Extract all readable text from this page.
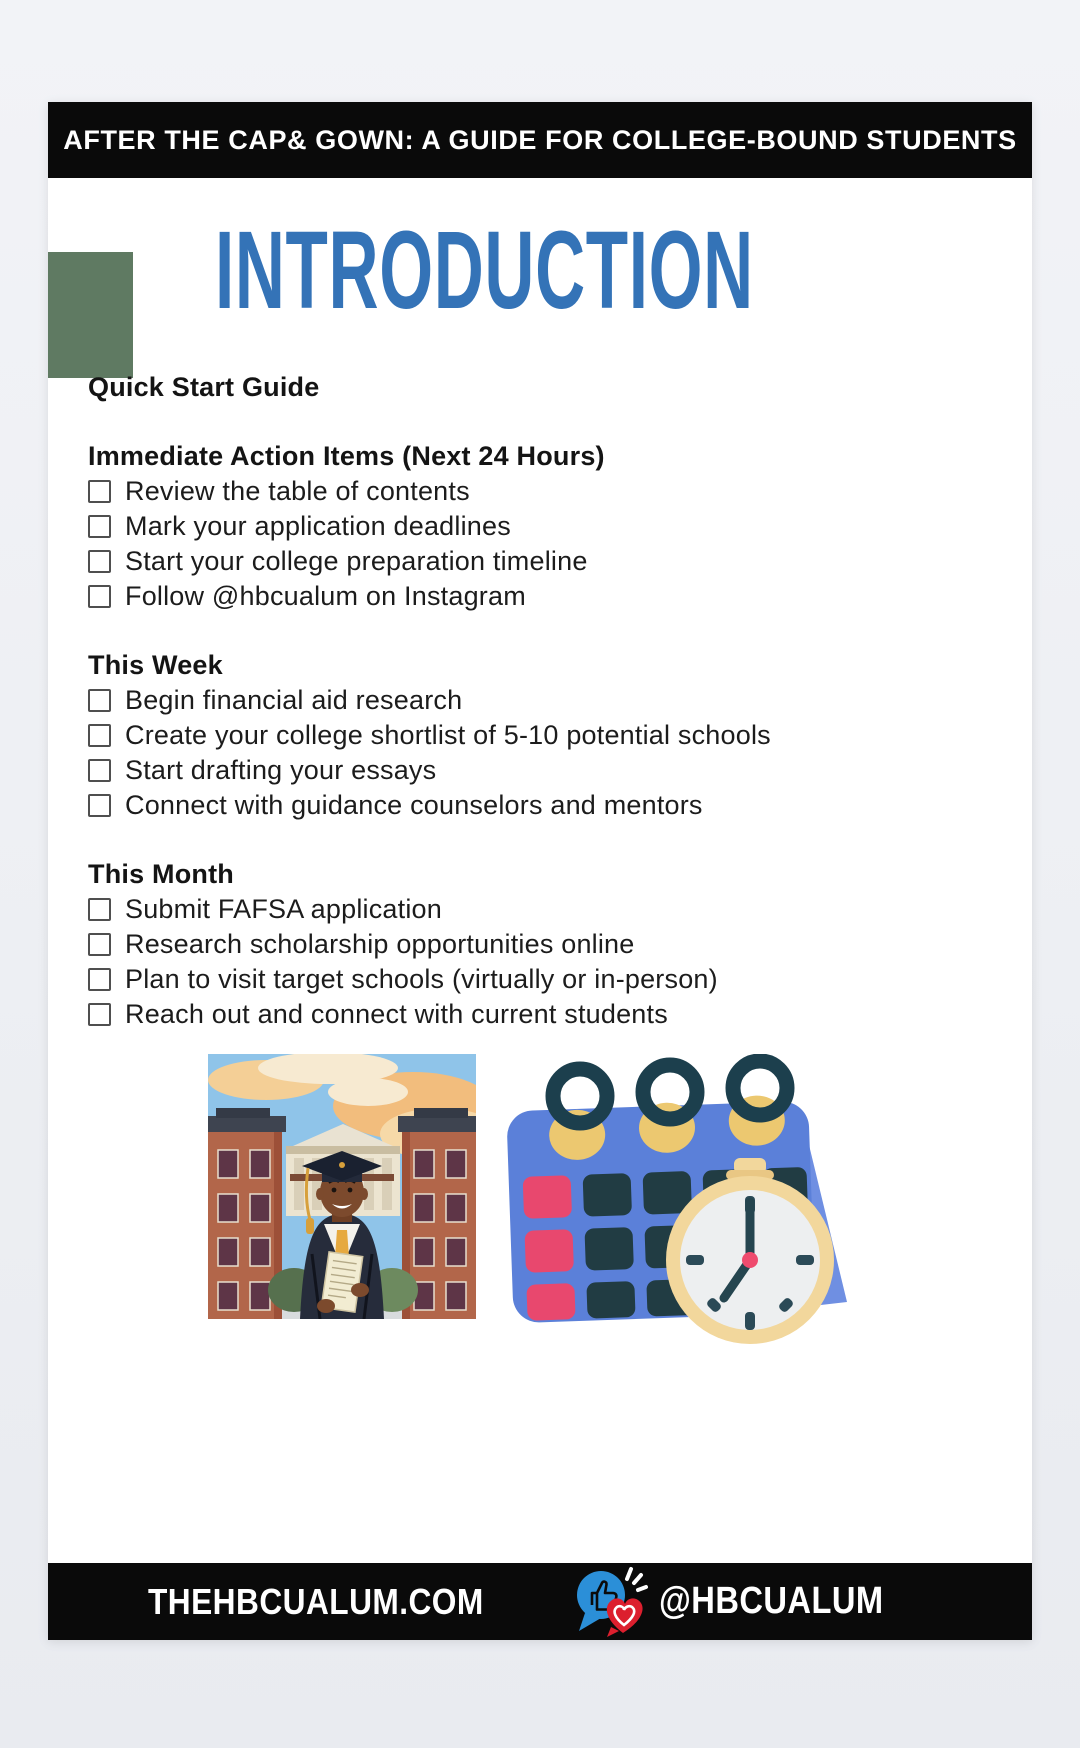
AFTER THE CAP& GOWN: A GUIDE FOR COLLEGE-BOUND STUDENTS
INTRODUCTION
Quick Start Guide
Immediate Action Items (Next 24 Hours)
Review the table of contents
Mark your application deadlines
Start your college preparation timeline
Follow @hbcualum on Instagram
This Week
Begin financial aid research
Create your college shortlist of 5-10 potential schools
Start drafting your essays
Connect with guidance counselors and mentors
This Month
Submit FAFSA application
Research scholarship opportunities online
Plan to visit target schools (virtually or in-person)
Reach out and connect with current students
THEHBCUALUM.COM	@HBCUALUM
